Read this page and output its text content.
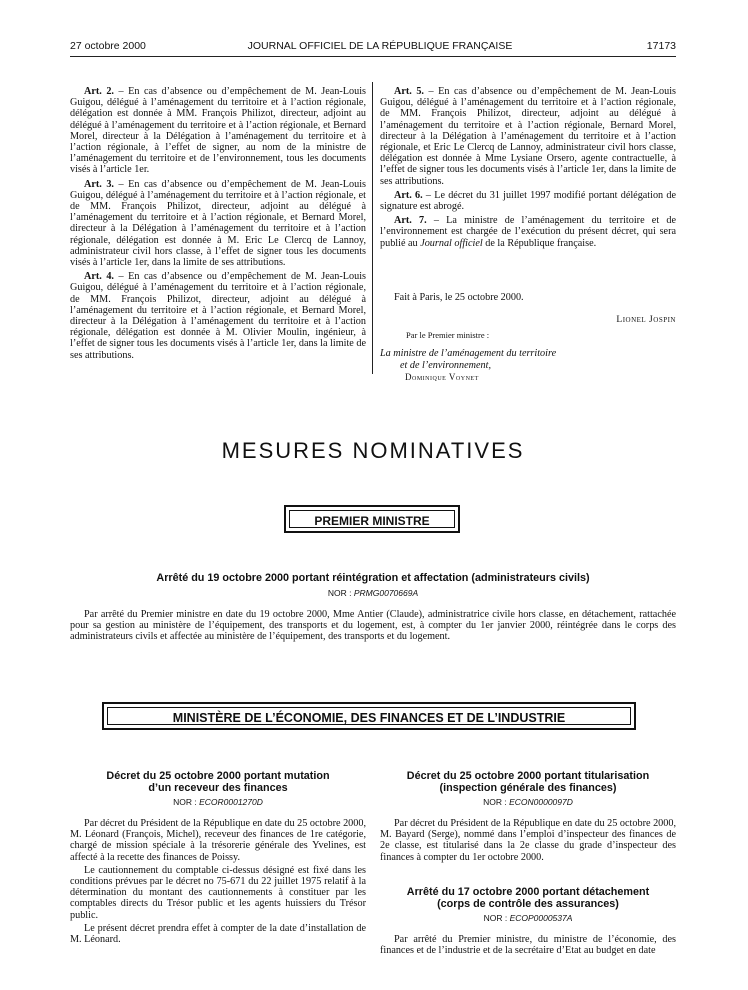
27 octobre 2000	JOURNAL OFFICIEL DE LA RÉPUBLIQUE FRANÇAISE	17173

Art. 2. – En cas d’absence ou d’empêchement de M. Jean-Louis Guigou, délégué à l’aménagement du territoire et à l’action régionale, délégation est donnée à MM. François Philizot, directeur, adjoint au délégué à l’aménagement du territoire et à l’action régionale, et Bernard Morel, directeur à la Délégation à l’aménagement du territoire et à l’action régionale, à l’effet de signer, au nom de la ministre de l’aménagement du territoire et de l’environnement, tous les documents visés à l’article 1er.

Art. 3. – En cas d’absence ou d’empêchement de M. Jean-Louis Guigou, délégué à l’aménagement du territoire et à l’action régionale, et de MM. François Philizot, directeur, adjoint au délégué à l’aménagement du territoire et à l’action régionale, et Bernard Morel, directeur à la Délégation à l’aménagement du territoire et à l’action régionale, délégation est donnée à M. Eric Le Clercq de Lannoy, administrateur civil hors classe, à l’effet de signer tous les documents visés à l’article 1er, dans la limite de ses attributions.

Art. 4. – En cas d’absence ou d’empêchement de M. Jean-Louis Guigou, délégué à l’aménagement du territoire et à l’action régionale, de MM. François Philizot, directeur, adjoint au délégué à l’aménagement du territoire et à l’action régionale, et Bernard Morel, directeur à la Délégation à l’aménagement du territoire et à l’action régionale, délégation est donnée à M. Olivier Moulin, ingénieur, à l’effet de signer tous les documents visés à l’article 1er, dans la limite de ses attributions.

Art. 5. – En cas d’absence ou d’empêchement de M. Jean-Louis Guigou, délégué à l’aménagement du territoire et à l’action régionale, de MM. François Philizot, directeur, adjoint au délégué à l’aménagement du territoire et à l’action régionale, Bernard Morel, directeur à la Délégation à l’aménagement du territoire et à l’action régionale, et Eric Le Clercq de Lannoy, administrateur civil hors classe, délégation est donnée à Mme Lysiane Orsero, agente contractuelle, à l’effet de signer tous les documents visés à l’article 1er, dans la limite de ses attributions.

Art. 6. – Le décret du 31 juillet 1997 modifié portant délégation de signature est abrogé.

Art. 7. – La ministre de l’aménagement du territoire et de l’environnement est chargée de l’exécution du présent décret, qui sera publié au Journal officiel de la République française.

Fait à Paris, le 25 octobre 2000.
Lionel Jospin
Par le Premier ministre :
La ministre de l’aménagement du territoire
et de l’environnement,
Dominique Voynet
MESURES NOMINATIVES
PREMIER MINISTRE
Arrêté du 19 octobre 2000 portant réintégration et affectation (administrateurs civils)
NOR : PRMG0070669A

Par arrêté du Premier ministre en date du 19 octobre 2000, Mme Antier (Claude), administratrice civile hors classe, en détachement, rattachée pour sa gestion au ministère de l’équipement, des transports et du logement, est, à compter du 1er janvier 2000, réintégrée dans le corps des administrateurs civils et affectée au ministère de l’équipement, des transports et du logement.

MINISTÈRE DE L’ÉCONOMIE, DES FINANCES ET DE L’INDUSTRIE
Décret du 25 octobre 2000 portant mutation
d’un receveur des finances
NOR : ECOR0001270D

Par décret du Président de la République en date du 25 octobre 2000, M. Léonard (François, Michel), receveur des finances de 1re catégorie, chargé de mission spéciale à la trésorerie générale des Yvelines, est affecté à la recette des finances de Poissy.

Le cautionnement du comptable ci-dessus désigné est fixé dans les conditions prévues par le décret no 75-671 du 22 juillet 1975 relatif à la détermination du montant des cautionnements à constituer par les comptables directs du Trésor public et les agents huissiers du Trésor public.

Le présent décret prendra effet à compter de la date d’installation de M. Léonard.

Décret du 25 octobre 2000 portant titularisation
(inspection générale des finances)
NOR : ECON0000097D

Par décret du Président de la République en date du 25 octobre 2000, M. Bayard (Serge), nommé dans l’emploi d’inspecteur des finances de 2e classe, est titularisé dans la 2e classe du grade d’inspecteur des finances à compter du 1er octobre 2000.

Arrêté du 17 octobre 2000 portant détachement
(corps de contrôle des assurances)
NOR : ECOP0000537A

Par arrêté du Premier ministre, du ministre de l’économie, des finances et de l’industrie et de la secrétaire d’Etat au budget en date
